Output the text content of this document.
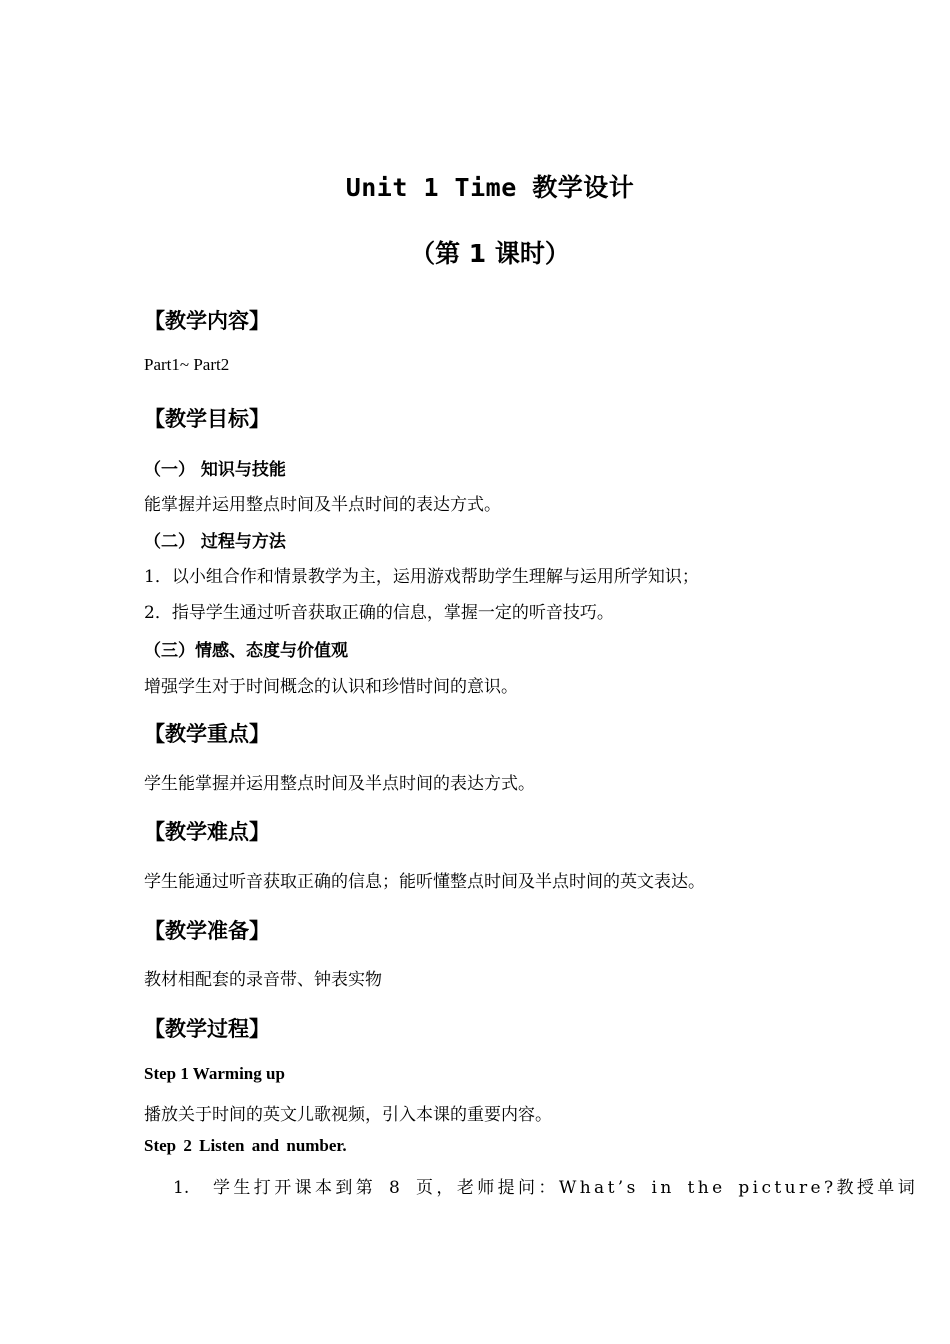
Unit 1 Time 教学设计
（第 1 课时）
【教学内容】
Part1~ Part2
【教学目标】
（一） 知识与技能
能掌握并运用整点时间及半点时间的表达方式。
（二） 过程与方法
1．以小组合作和情景教学为主，运用游戏帮助学生理解与运用所学知识；
2．指导学生通过听音获取正确的信息，掌握一定的听音技巧。
（三）情感、态度与价值观
增强学生对于时间概念的认识和珍惜时间的意识。
【教学重点】
学生能掌握并运用整点时间及半点时间的表达方式。
【教学难点】
学生能通过听音获取正确的信息；能听懂整点时间及半点时间的英文表达。
【教学准备】
教材相配套的录音带、钟表实物
【教学过程】
Step 1 Warming up
播放关于时间的英文儿歌视频，引入本课的重要内容。
Step 2 Listen and number.
1. 学生打开课本到第 8 页，老师提问：What’s in the picture?教授单词
